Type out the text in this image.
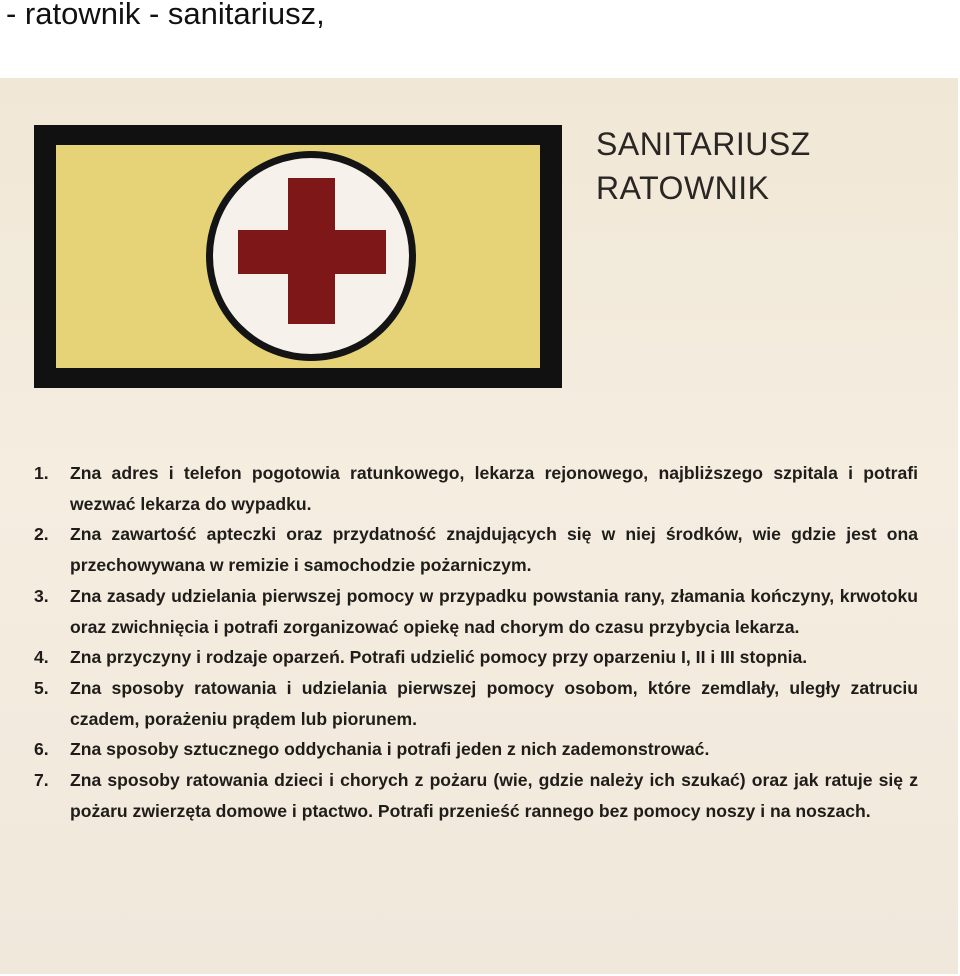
- ratownik - sanitariusz,
SANITARIUSZ
RATOWNIK
1. Zna adres i telefon pogotowia ratunkowego, lekarza rejonowego, najbliższego szpitala i potrafi wezwać lekarza do wypadku.
2. Zna zawartość apteczki oraz przydatność znajdujących się w niej środków, wie gdzie jest ona przechowywana w remizie i samochodzie pożarniczym.
3. Zna zasady udzielania pierwszej pomocy w przypadku powstania rany, złamania kończyny, krwotoku oraz zwichnięcia i potrafi zorganizować opiekę nad chorym do czasu przybycia lekarza.
4. Zna przyczyny i rodzaje oparzeń. Potrafi udzielić pomocy przy oparzeniu I, II i III stopnia.
5. Zna sposoby ratowania i udzielania pierwszej pomocy osobom, które zemdlały, uległy zatruciu czadem, porażeniu prądem lub piorunem.
6. Zna sposoby sztucznego oddychania i potrafi jeden z nich zademonstrować.
7. Zna sposoby ratowania dzieci i chorych z pożaru (wie, gdzie należy ich szukać) oraz jak ratuje się z pożaru zwierzęta domowe i ptactwo. Potrafi przenieść rannego bez pomocy noszy i na noszach.
